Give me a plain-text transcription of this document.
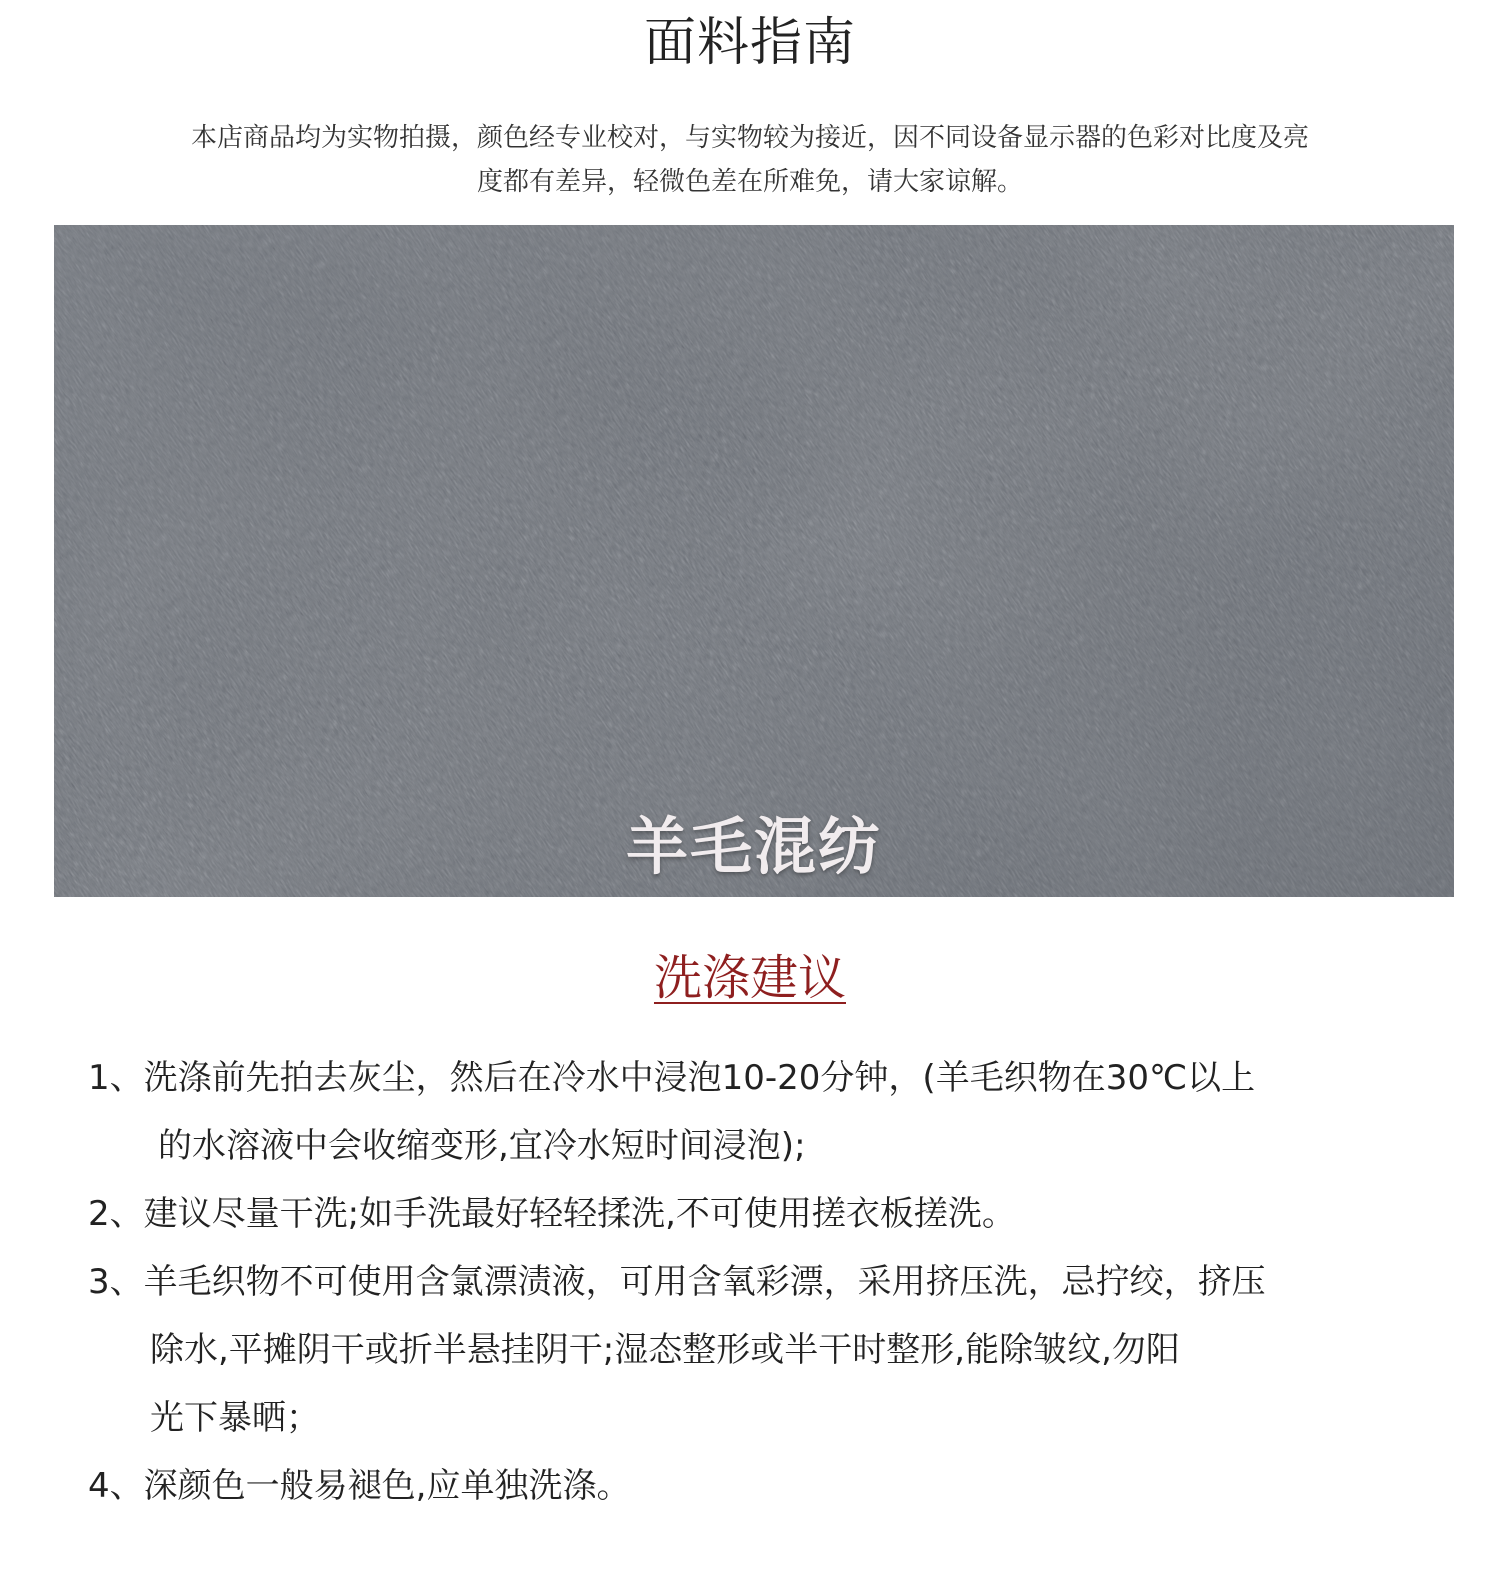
面料指南
本店商品均为实物拍摄，颜色经专业校对，与实物较为接近，因不同设备显示器的色彩对比度及亮
度都有差异，轻微色差在所难免，请大家谅解。
羊毛混纺
洗涤建议
1、洗涤前先拍去灰尘，然后在冷水中浸泡10-20分钟，(羊毛织物在30℃以上
的水溶液中会收缩变形,宜冷水短时间浸泡);
2、建议尽量干洗;如手洗最好轻轻揉洗,不可使用搓衣板搓洗。
3、羊毛织物不可使用含氯漂渍液，可用含氧彩漂，采用挤压洗，忌拧绞，挤压
除水,平摊阴干或折半悬挂阴干;湿态整形或半干时整形,能除皱纹,勿阳
光下暴晒；
4、深颜色一般易褪色,应单独洗涤。
